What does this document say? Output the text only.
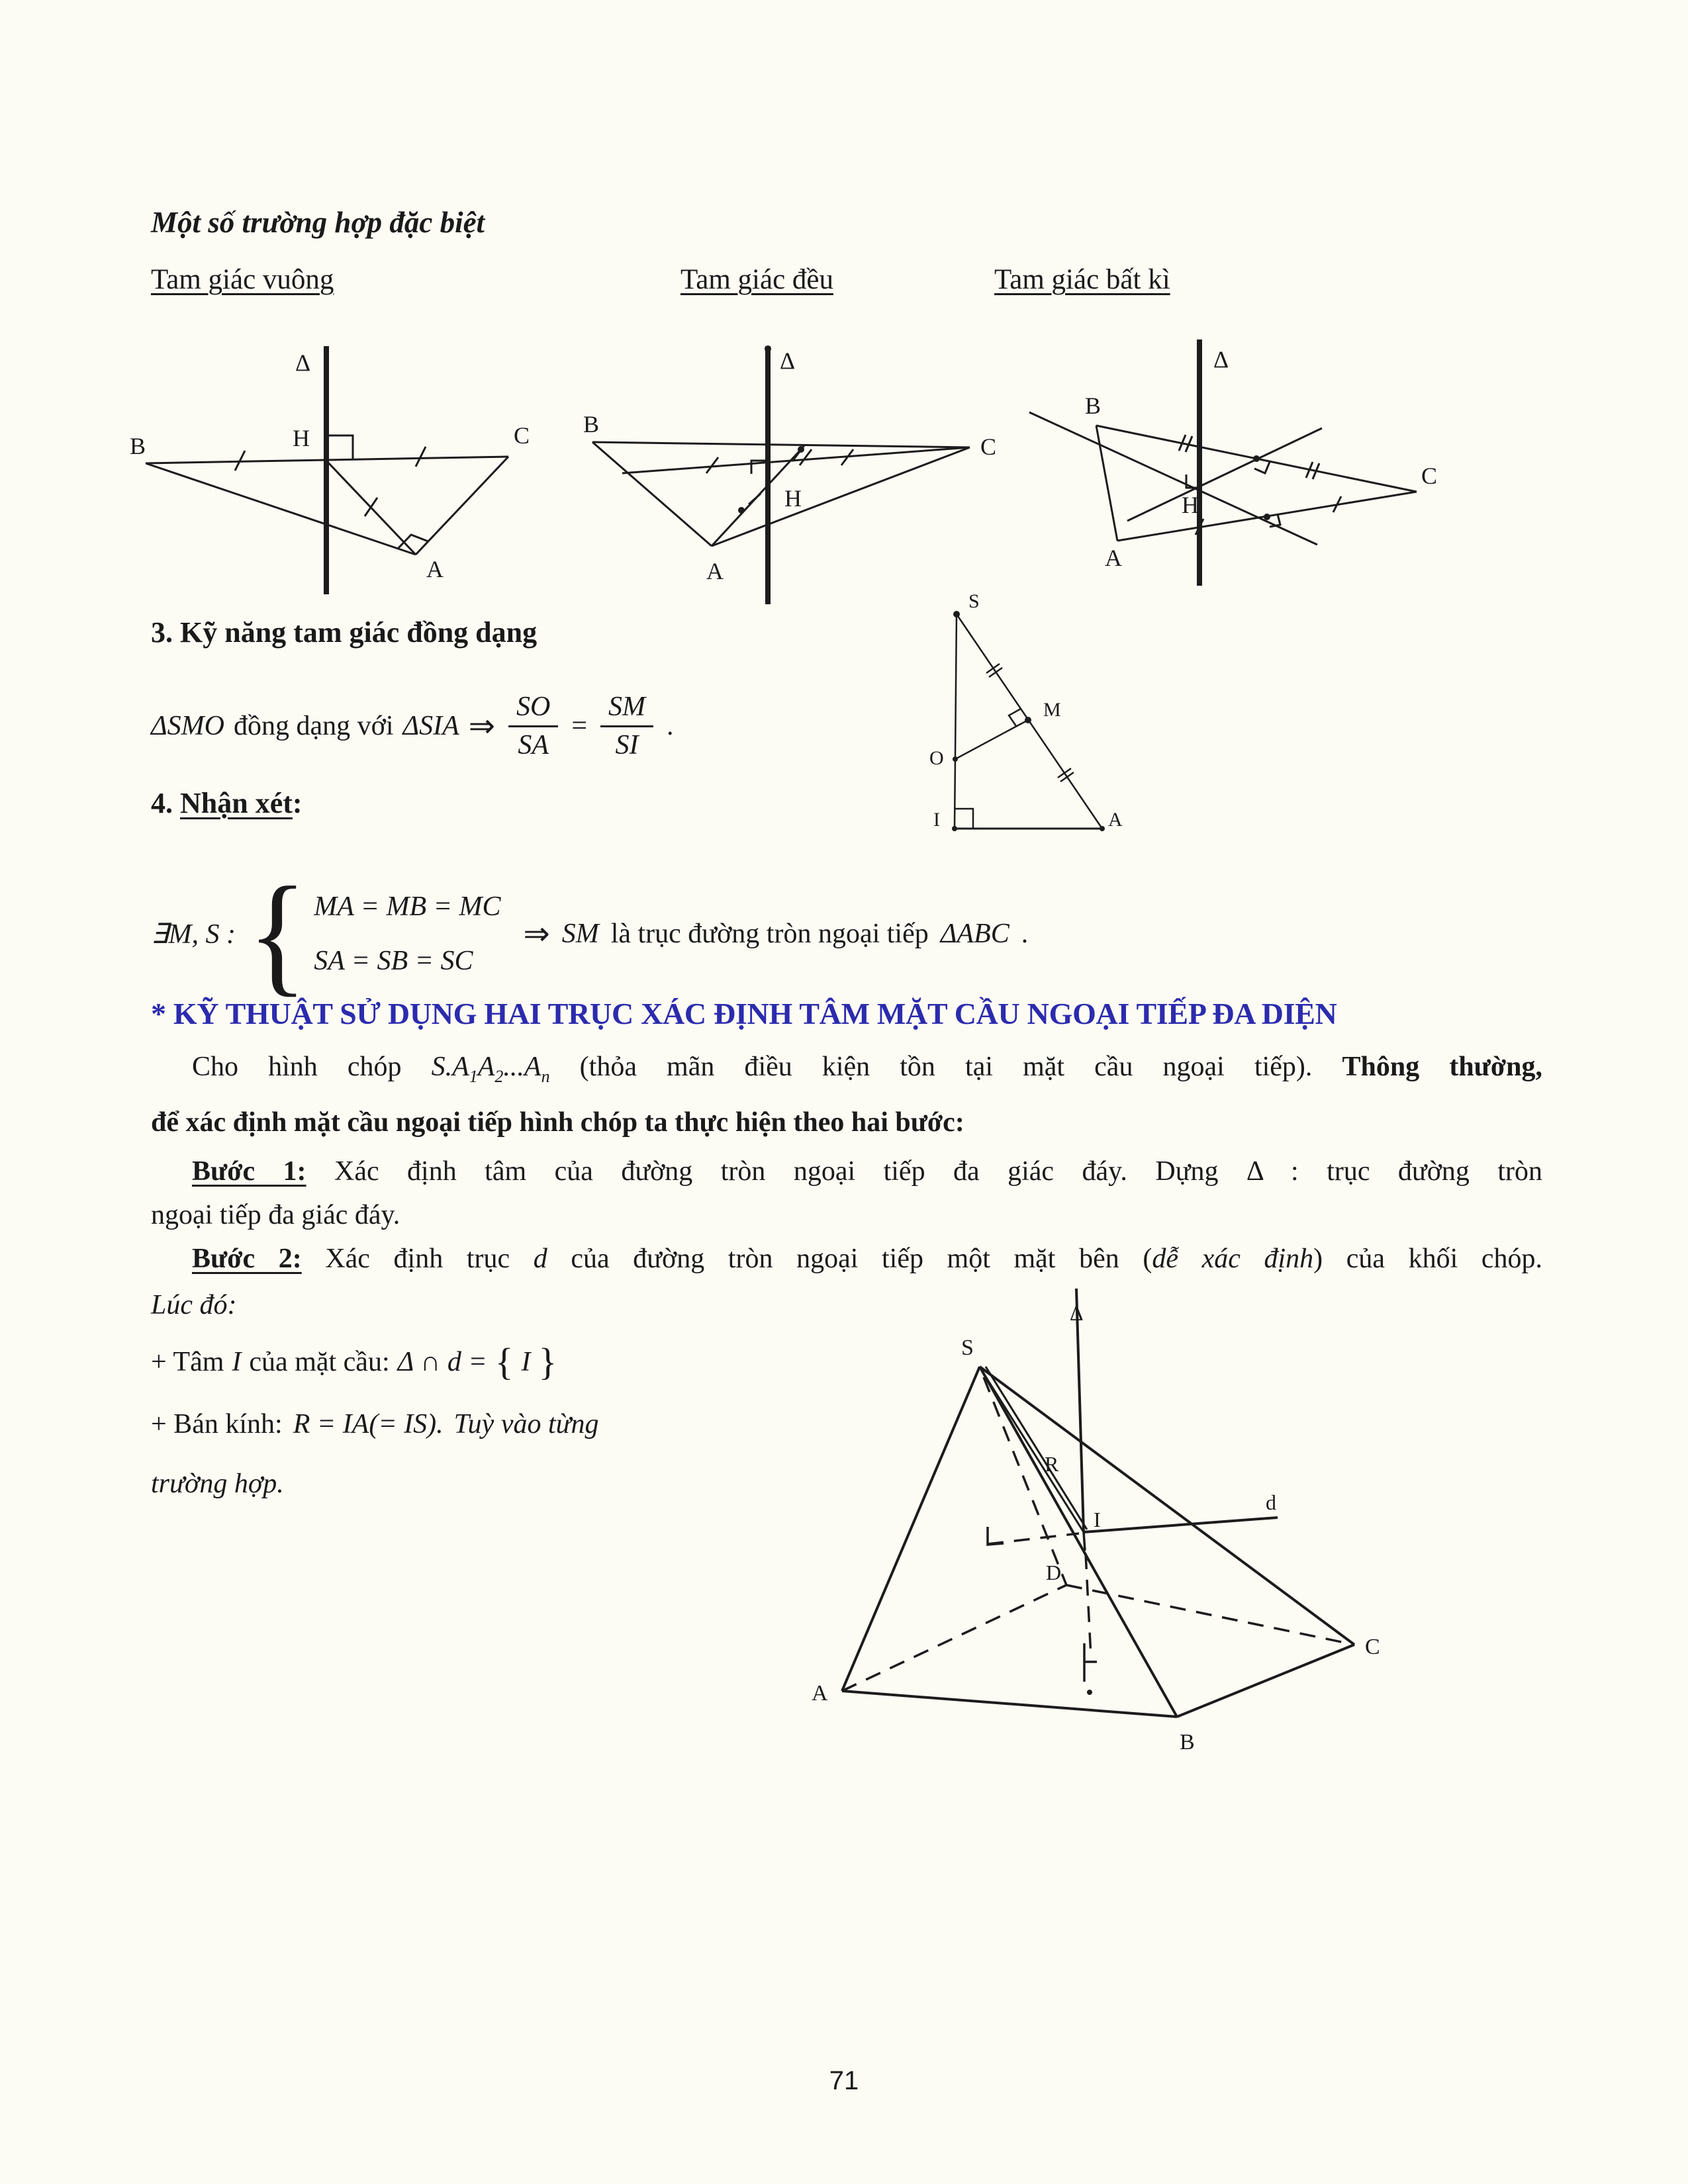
Một số trường hợp đặc biệt
Tam giác vuông	Tam giác đều	Tam giác bất kì
Δ
B	H	C
A
Δ
B
C
H
A
Δ
B
C
H
A
3. Kỹ năng tam giác đồng dạng
ΔSMO đồng dạng với ΔSIA ⇒ $\frac{SO}{SA} = \frac{SM}{SI}$ .
S
M
O
I	A
4. Nhận xét:
∃M, S : { MA = MB = MC
SA = SB = SC
⇒ SM là trục đường tròn ngoại tiếp ΔABC .
* KỸ THUẬT SỬ DỤNG HAI TRỤC XÁC ĐỊNH TÂM MẶT CẦU NGOẠI TIẾP ĐA DIỆN
Cho hình chóp $S.A_1A_2...A_n$ (thỏa mãn điều kiện tồn tại mặt cầu ngoại tiếp). Thông thường,
để xác định mặt cầu ngoại tiếp hình chóp ta thực hiện theo hai bước:
Bước 1: Xác định tâm của đường tròn ngoại tiếp đa giác đáy. Dựng Δ : trục đường tròn
ngoại tiếp đa giác đáy.
Bước 2: Xác định trục d của đường tròn ngoại tiếp một mặt bên (dễ xác định) của khối chóp.
Lúc đó:
+ Tâm I của mặt cầu: Δ ∩ d = { I }
+ Bán kính: R = IA(= IS). Tuỳ vào từng
trường hợp.
Δ
S
R
I
d
D
A
B
C
71
